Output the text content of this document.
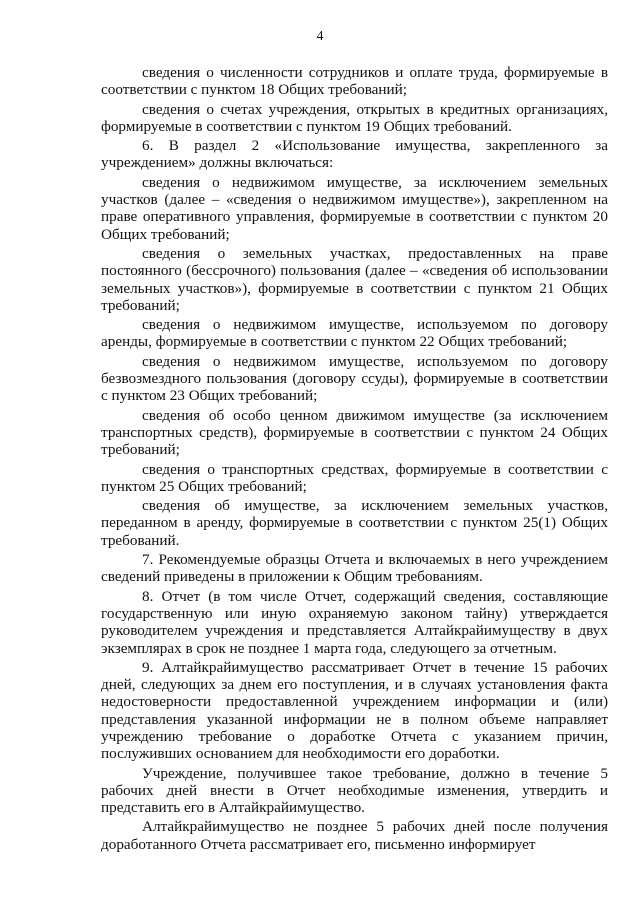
4

сведения о численности сотрудников и оплате труда, формируемые в соответствии с пунктом 18 Общих требований;

сведения о счетах учреждения, открытых в кредитных организациях, формируемые в соответствии с пунктом 19 Общих требований.

6. В раздел 2 «Использование имущества, закрепленного за учреждением» должны включаться:

сведения о недвижимом имуществе, за исключением земельных участков (далее – «сведения о недвижимом имуществе»), закрепленном на праве оперативного управления, формируемые в соответствии с пунктом 20 Общих требований;

сведения о земельных участках, предоставленных на праве постоянного (бессрочного) пользования (далее – «сведения об использовании земельных участков»), формируемые в соответствии с пунктом 21 Общих требований;

сведения о недвижимом имуществе, используемом по договору аренды, формируемые в соответствии с пунктом 22 Общих требований;

сведения о недвижимом имуществе, используемом по договору безвозмездного пользования (договору ссуды), формируемые в соответствии с пунктом 23 Общих требований;

сведения об особо ценном движимом имуществе (за исключением транспортных средств), формируемые в соответствии с пунктом 24 Общих требований;

сведения о транспортных средствах, формируемые в соответствии с пунктом 25 Общих требований;

сведения об имуществе, за исключением земельных участков, переданном в аренду, формируемые в соответствии с пунктом 25(1) Общих требований.

7. Рекомендуемые образцы Отчета и включаемых в него учреждением сведений приведены в приложении к Общим требованиям.

8. Отчет (в том числе Отчет, содержащий сведения, составляющие государственную или иную охраняемую законом тайну) утверждается руководителем учреждения и представляется Алтайкрайимуществу в двух экземплярах в срок не позднее 1 марта года, следующего за отчетным.

9. Алтайкрайимущество рассматривает Отчет в течение 15 рабочих дней, следующих за днем его поступления, и в случаях установления факта недостоверности предоставленной учреждением информации и (или) представления указанной информации не в полном объеме направляет учреждению требование о доработке Отчета с указанием причин, послуживших основанием для необходимости его доработки.

Учреждение, получившее такое требование, должно в течение 5 рабочих дней внести в Отчет необходимые изменения, утвердить и представить его в Алтайкрайимущество.

Алтайкрайимущество не позднее 5 рабочих дней после получения доработанного Отчета рассматривает его, письменно информирует
